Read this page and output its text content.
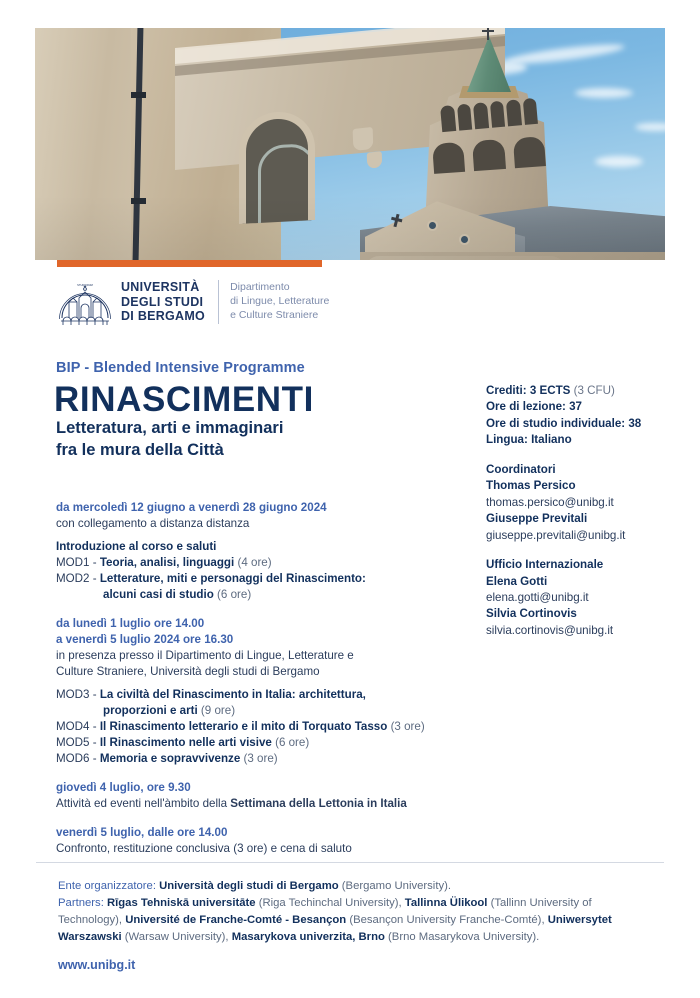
STUDIORUM UNIVERSITÀ
DEGLI STUDI
DI BERGAMO
Dipartimento
di Lingue, Letterature
e Culture Straniere
BIP - Blended Intensive Programme
RINASCIMENTI
Letteratura, arti e immaginari
fra le mura della Città
Crediti: 3 ECTS (3 CFU)
Ore di lezione: 37
Ore di studio individuale: 38
Lingua: Italiano
Coordinatori
Thomas Persico
thomas.persico@unibg.it
Giuseppe Previtali
giuseppe.previtali@unibg.it
Ufficio Internazionale
Elena Gotti
elena.gotti@unibg.it
Silvia Cortinovis
silvia.cortinovis@unibg.it
da mercoledì 12 giugno a venerdì 28 giugno 2024
con collegamento a distanza distanza
Introduzione al corso e saluti
MOD1 - Teoria, analisi, linguaggi (4 ore)
MOD2 - Letterature, miti e personaggi del Rinascimento:
alcuni casi di studio (6 ore)
da lunedì 1 luglio ore 14.00
a venerdì 5 luglio 2024 ore 16.30
in presenza presso il Dipartimento di Lingue, Letterature e
Culture Straniere, Università degli studi di Bergamo
MOD3 - La civiltà del Rinascimento in Italia: architettura,
proporzioni e arti (9 ore)
MOD4 - Il Rinascimento letterario e il mito di Torquato Tasso (3 ore)
MOD5 - Il Rinascimento nelle arti visive (6 ore)
MOD6 - Memoria e sopravvivenze (3 ore)
giovedì 4 luglio, ore 9.30
Attività ed eventi nell'àmbito della Settimana della Lettonia in Italia
venerdì 5 luglio, dalle ore 14.00
Confronto, restituzione conclusiva (3 ore) e cena di saluto
Ente organizzatore: Università degli studi di Bergamo (Bergamo University).
Partners: Rīgas Tehniskā universitāte (Riga Techinchal University), Tallinna Ülikool (Tallinn University of Technology), Université de Franche-Comté - Besançon (Besançon University Franche-Comté), Uniwersytet Warszawski (Warsaw University), Masarykova univerzita, Brno (Brno Masarykova University).
www.unibg.it
